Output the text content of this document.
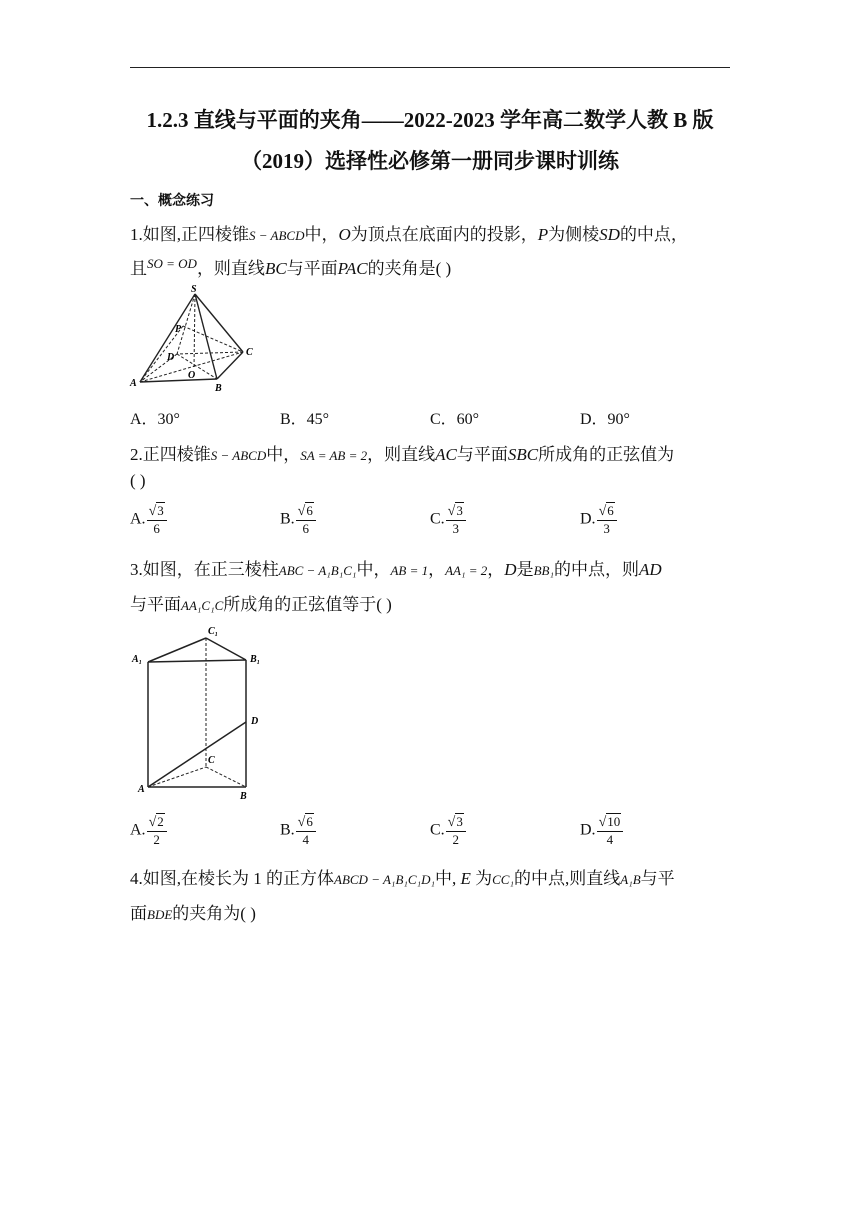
1.2.3 直线与平面的夹角——2022-2023 学年高二数学人教 B 版
（2019）选择性必修第一册同步课时训练
一、概念练习
1.如图,正四棱锥S − ABCD中，O为顶点在底面内的投影，P为侧棱SD的中点，
且$^{SO = OD}$，则直线BC与平面PAC的夹角是( )
S
P
D	C
O
A	B
A．30°	B．45°	C．60°	D．90°
2.正四棱锥S − ABCD中，SA = AB = 2，则直线AC与平面SBC所成角的正弦值为
( )
A. $\frac{√3}{6}$	B. $\frac{√6}{6}$	C. $\frac{√3}{3}$	D. $\frac{√6}{3}$
3.如图，在正三棱柱ABC − A₁B₁C₁中，AB = 1，AA₁ = 2，D是BB₁的中点，则AD
与平面AA₁C₁C所成角的正弦值等于( )
C₁
A₁	B₁
D
C
A
B
A. $\frac{√2}{2}$	B. $\frac{√6}{4}$	C. $\frac{√3}{2}$	D. $\frac{√10}{4}$
4.如图,在棱长为 1 的正方体ABCD − A₁B₁C₁D₁中, E 为CC₁的中点,则直线A₁B与平
面BDE的夹角为( )
